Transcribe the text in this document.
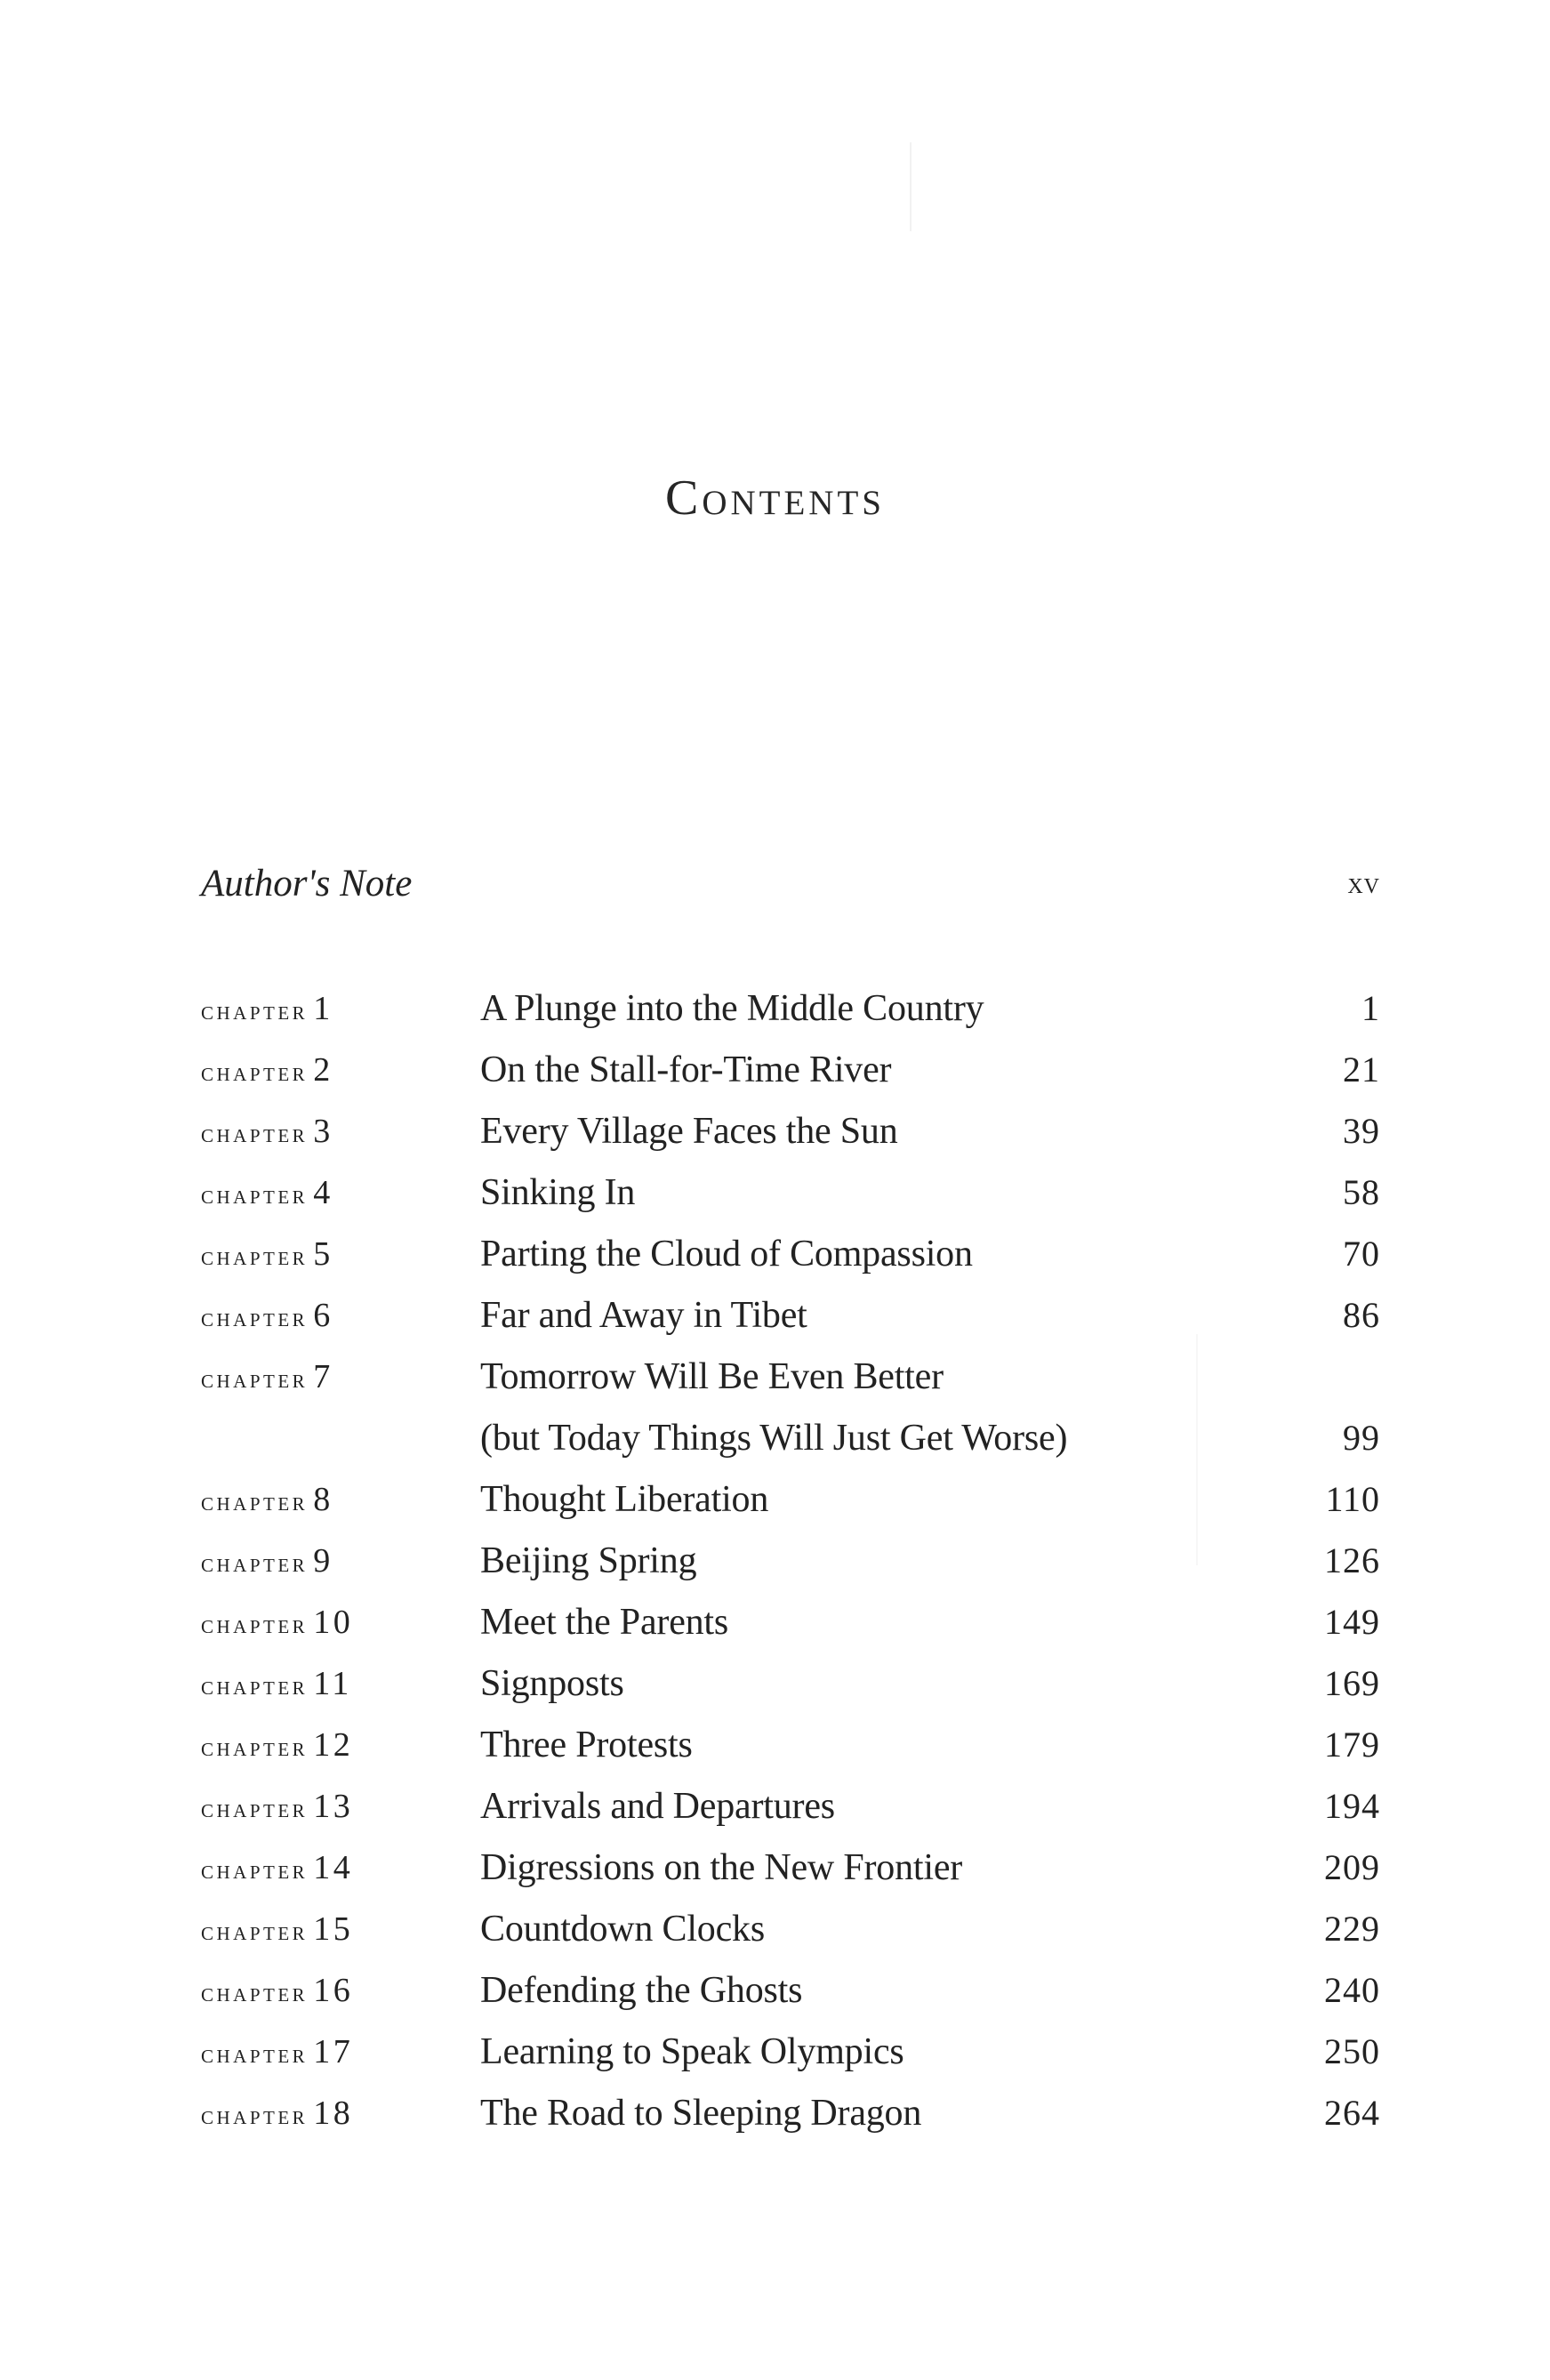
Contents
Author's Note	xv
chapter 1	A Plunge into the Middle Country	1
chapter 2	On the Stall-for-Time River	21
chapter 3	Every Village Faces the Sun	39
chapter 4	Sinking In	58
chapter 5	Parting the Cloud of Compassion	70
chapter 6	Far and Away in Tibet	86
chapter 7	Tomorrow Will Be Even Better
(but Today Things Will Just Get Worse)	99
chapter 8	Thought Liberation	110
chapter 9	Beijing Spring	126
chapter 10	Meet the Parents	149
chapter 11	Signposts	169
chapter 12	Three Protests	179
chapter 13	Arrivals and Departures	194
chapter 14	Digressions on the New Frontier	209
chapter 15	Countdown Clocks	229
chapter 16	Defending the Ghosts	240
chapter 17	Learning to Speak Olympics	250
chapter 18	The Road to Sleeping Dragon	264
